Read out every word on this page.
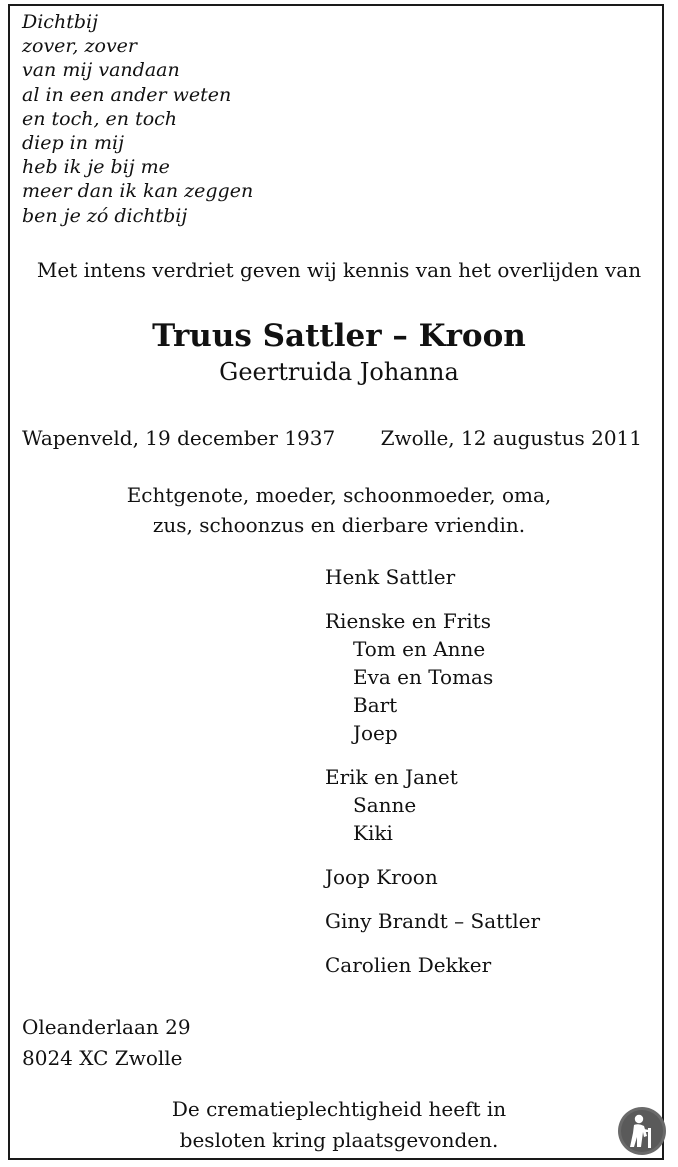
Dichtbij
zover, zover
van mij vandaan
al in een ander weten
en toch, en toch
diep in mij
heb ik je bij me
meer dan ik kan zeggen
ben je zó dichtbij
Met intens verdriet geven wij kennis van het overlijden van
Truus Sattler – Kroon
Geertruida Johanna
Wapenveld, 19 december 1937 Zwolle, 12 augustus 2011
Echtgenote, moeder, schoonmoeder, oma,
zus, schoonzus en dierbare vriendin.
Henk Sattler
Rienske en Frits
Tom en Anne
Eva en Tomas
Bart
Joep
Erik en Janet
Sanne
Kiki
Joop Kroon
Giny Brandt – Sattler
Carolien Dekker
Oleanderlaan 29
8024 XC Zwolle
De crematieplechtigheid heeft in
besloten kring plaatsgevonden.
